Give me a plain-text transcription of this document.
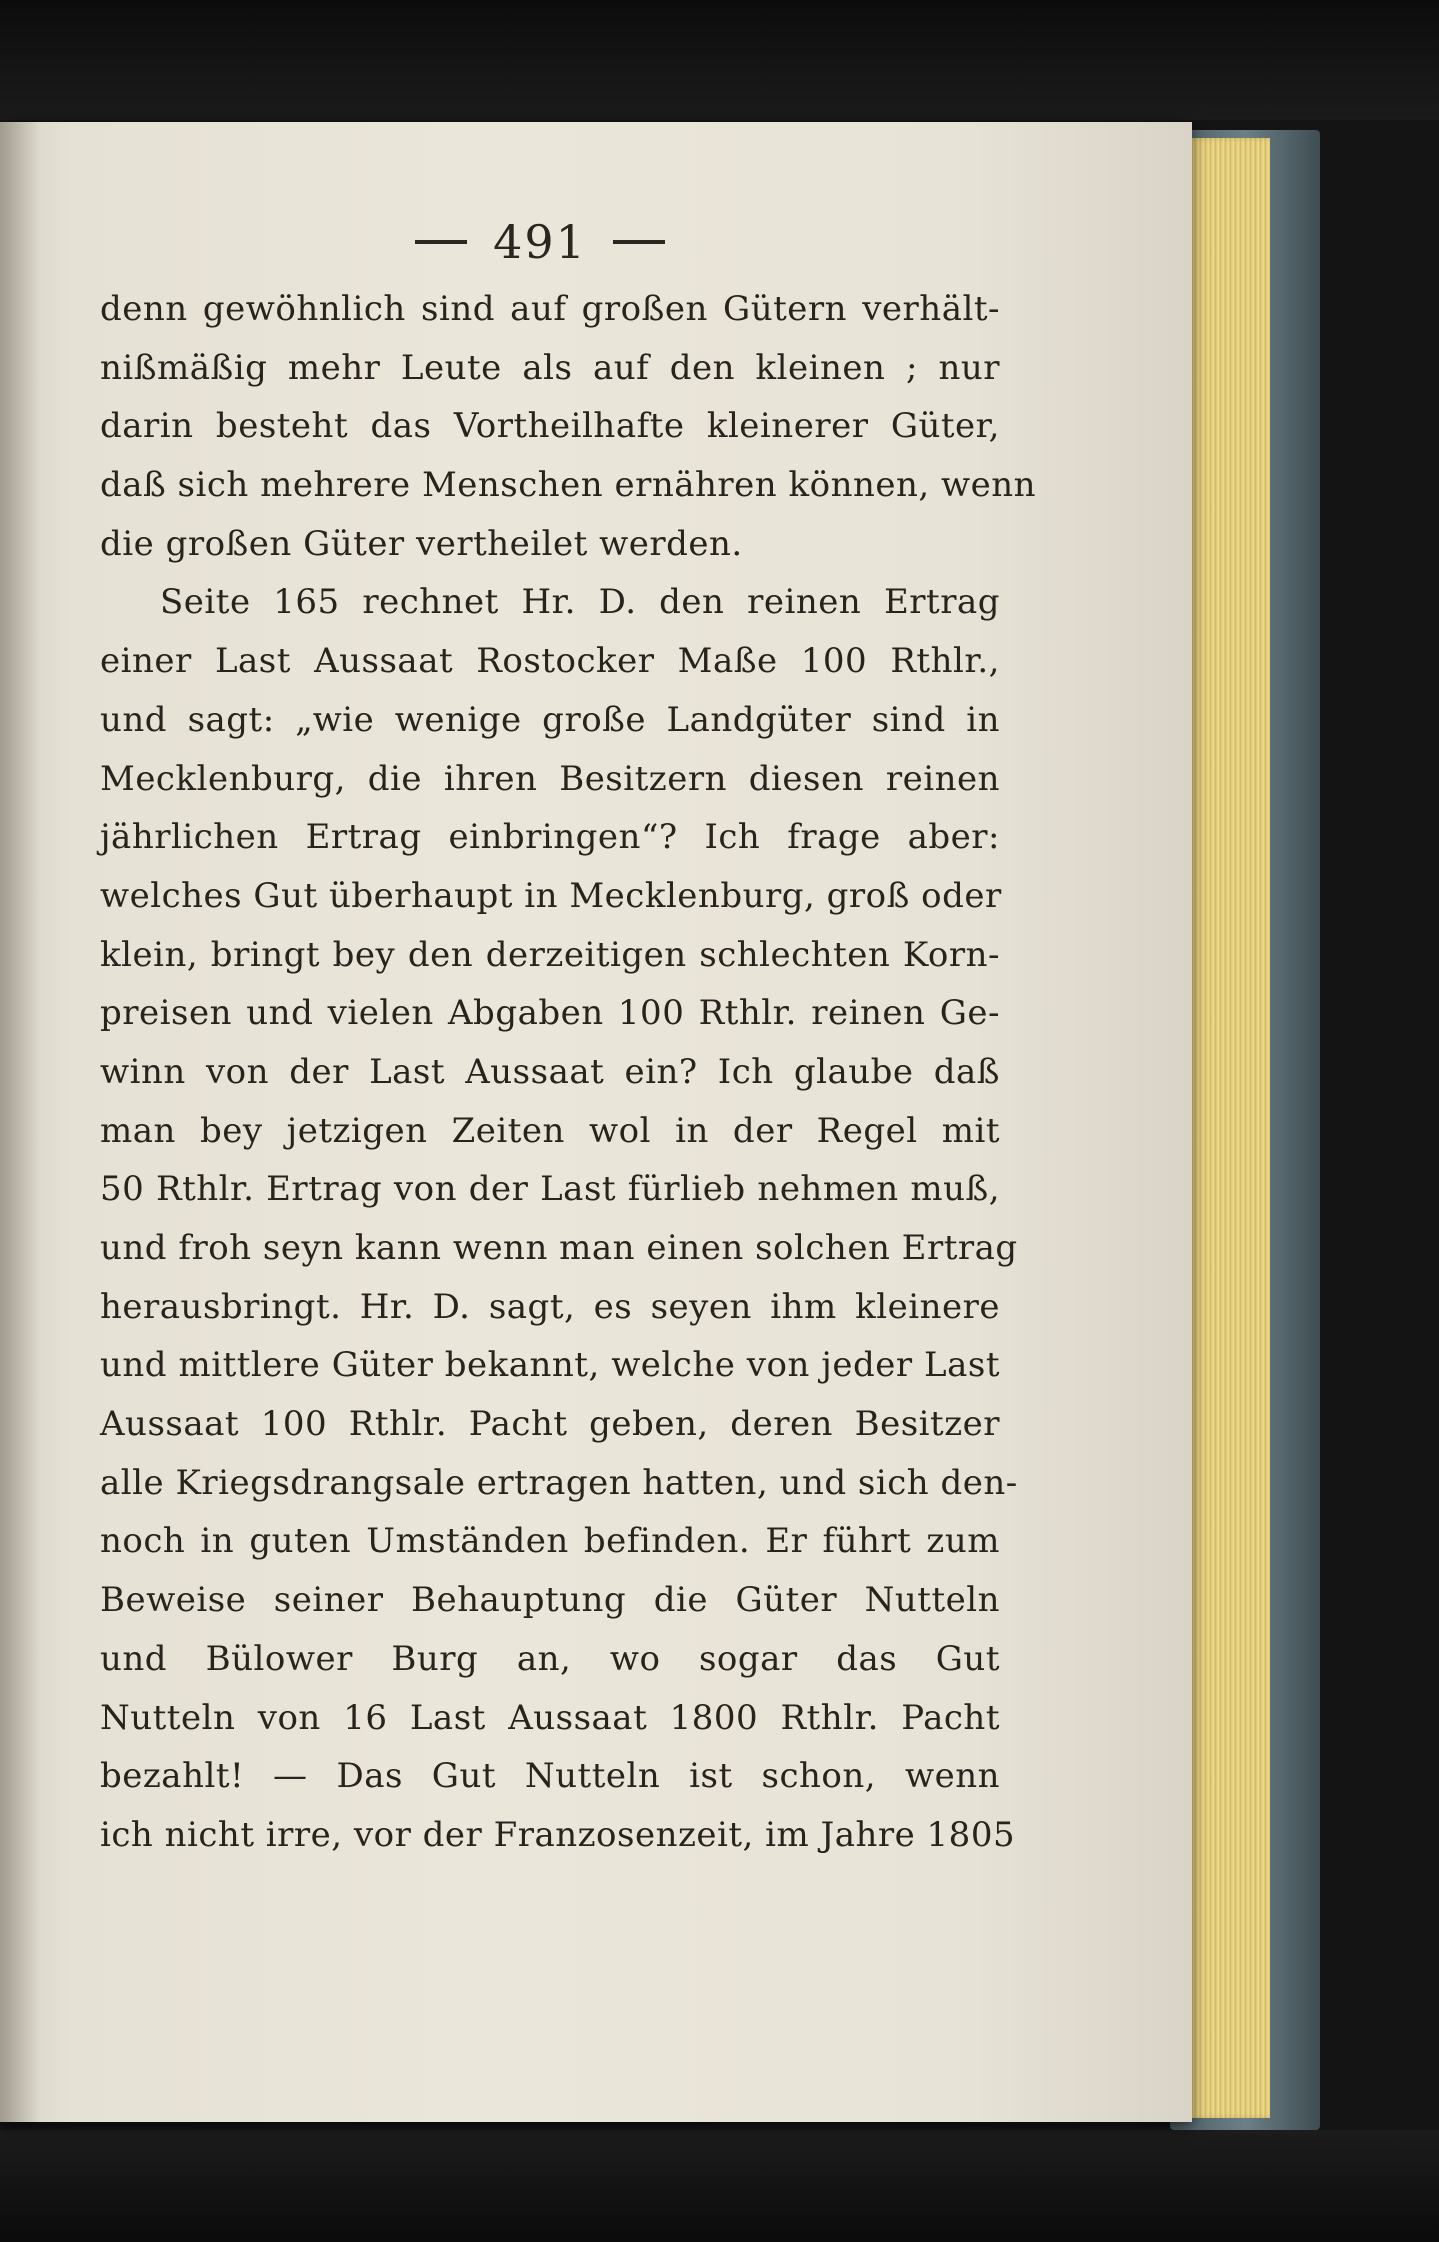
491
denn gewöhnlich sind auf großen Gütern verhält-
nißmäßig mehr Leute als auf den kleinen ; nur
darin besteht das Vortheilhafte kleinerer Güter,
daß sich mehrere Menschen ernähren können, wenn
die großen Güter vertheilet werden.
Seite 165 rechnet Hr. D. den reinen Ertrag
einer Last Aussaat Rostocker Maße 100 Rthlr.,
und sagt: „wie wenige große Landgüter sind in
Mecklenburg, die ihren Besitzern diesen reinen
jährlichen Ertrag einbringen“? Ich frage aber:
welches Gut überhaupt in Mecklenburg, groß oder
klein, bringt bey den derzeitigen schlechten Korn-
preisen und vielen Abgaben 100 Rthlr. reinen Ge-
winn von der Last Aussaat ein? Ich glaube daß
man bey jetzigen Zeiten wol in der Regel mit
50 Rthlr. Ertrag von der Last fürlieb nehmen muß,
und froh seyn kann wenn man einen solchen Ertrag
herausbringt. Hr. D. sagt, es seyen ihm kleinere
und mittlere Güter bekannt, welche von jeder Last
Aussaat 100 Rthlr. Pacht geben, deren Besitzer
alle Kriegsdrangsale ertragen hatten, und sich den-
noch in guten Umständen befinden. Er führt zum
Beweise seiner Behauptung die Güter Nutteln
und Bülower Burg an, wo sogar das Gut
Nutteln von 16 Last Aussaat 1800 Rthlr. Pacht
bezahlt! — Das Gut Nutteln ist schon, wenn
ich nicht irre, vor der Franzosenzeit, im Jahre 1805
